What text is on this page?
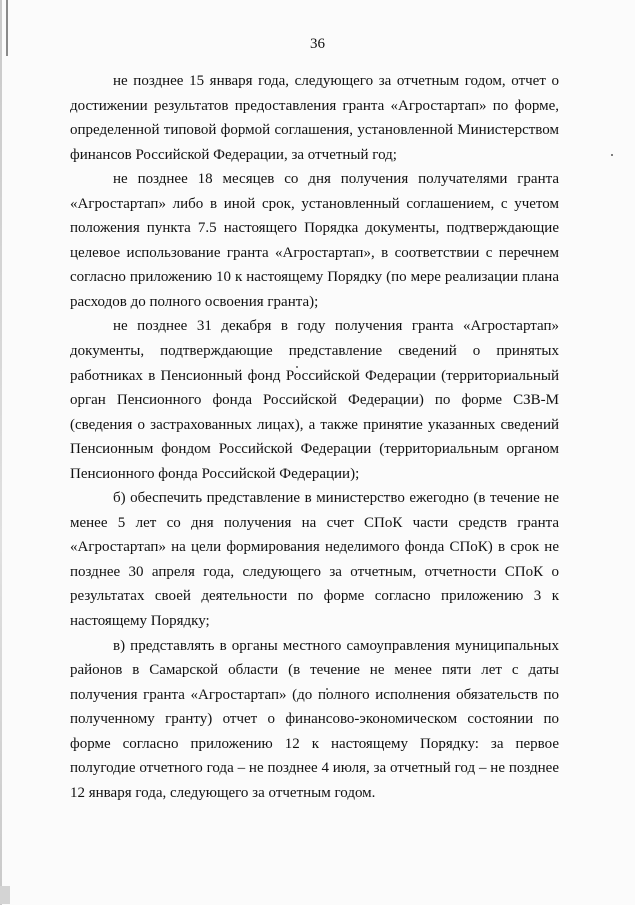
36

не позднее 15 января года, следующего за отчетным годом, отчет о достижении результатов предоставления гранта «Агростартап» по форме, определенной типовой формой соглашения, установленной Министерством финансов Российской Федерации, за отчетный год;

не позднее 18 месяцев со дня получения получателями гранта «Агростартап» либо в иной срок, установленный соглашением, с учетом положения пункта 7.5 настоящего Порядка документы, подтверждающие целевое использование гранта «Агростартап», в соответствии с перечнем согласно приложению 10 к настоящему Порядку (по мере реализации плана расходов до полного освоения гранта);

не позднее 31 декабря в году получения гранта «Агростартап» документы, подтверждающие представление сведений о принятых работниках в Пенсионный фонд Российской Федерации (территориальный орган Пенсионного фонда Российской Федерации) по форме СЗВ-М (сведения о застрахованных лицах), а также принятие указанных сведений Пенсионным фондом Российской Федерации (территориальным органом Пенсионного фонда Российской Федерации);

б) обеспечить представление в министерство ежегодно (в течение не менее 5 лет со дня получения на счет СПоК части средств гранта «Агростартап» на цели формирования неделимого фонда СПоК) в срок не позднее 30 апреля года, следующего за отчетным, отчетности СПоК о результатах своей деятельности по форме согласно приложению 3 к настоящему Порядку;

в) представлять в органы местного самоуправления муниципальных районов в Самарской области (в течение не менее пяти лет с даты получения гранта «Агростартап» (до полного исполнения обязательств по полученному гранту) отчет о финансово-экономическом состоянии по форме согласно приложению 12 к настоящему Порядку: за первое полугодие отчетного года – не позднее 4 июля, за отчетный год – не позднее 12 января года, следующего за отчетным годом.
